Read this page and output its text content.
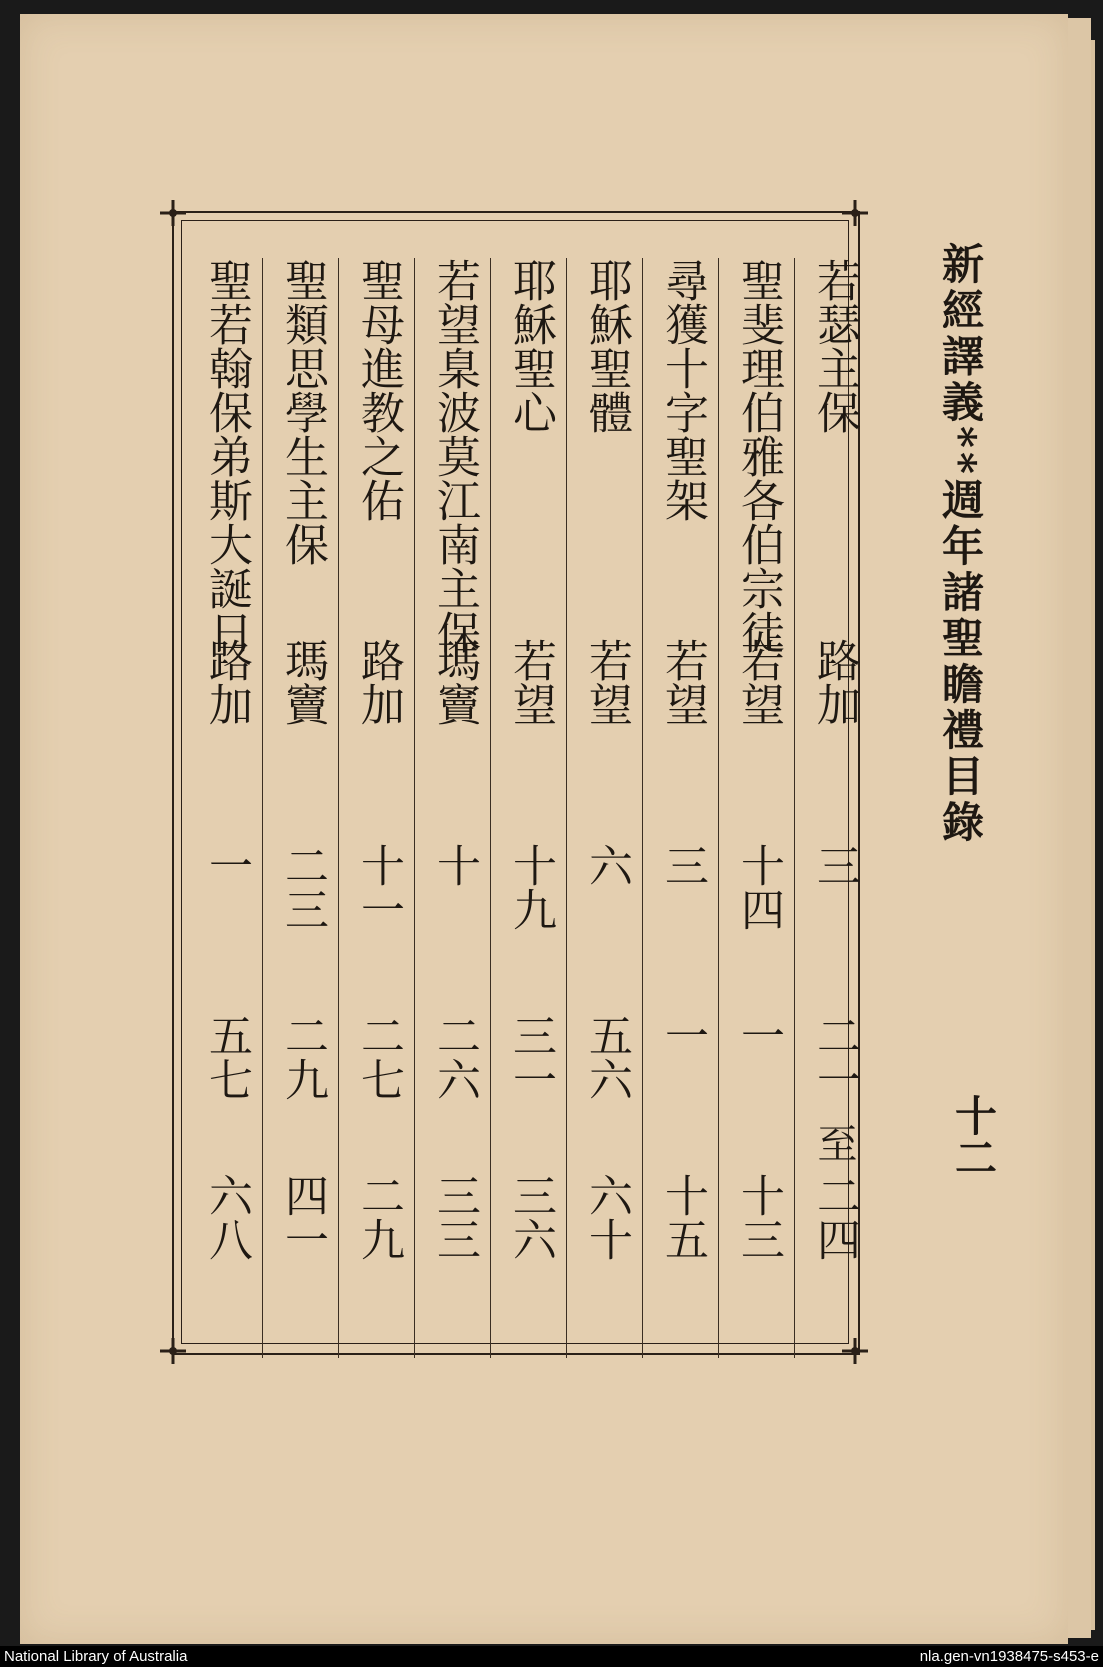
新經譯義**週年諸聖瞻禮目錄
十二
若瑟主保
路加
三
二一
至
二四
聖斐理伯雅各伯宗徒
若望
十四
一
十三
尋獲十字聖架
若望
三
一
十五
耶穌聖體
若望
六
五六
六十
耶穌聖心
若望
十九
三一
三六
若望臬波莫江南主保
瑪竇
十
二六
三三
聖母進教之佑
路加
十一
二七
二九
聖類思學生主保
瑪竇
二三
二九
四一
聖若翰保弟斯大誕日
路加
一
五七
六八
National Library of Australia	nla.gen-vn1938475-s453-e
